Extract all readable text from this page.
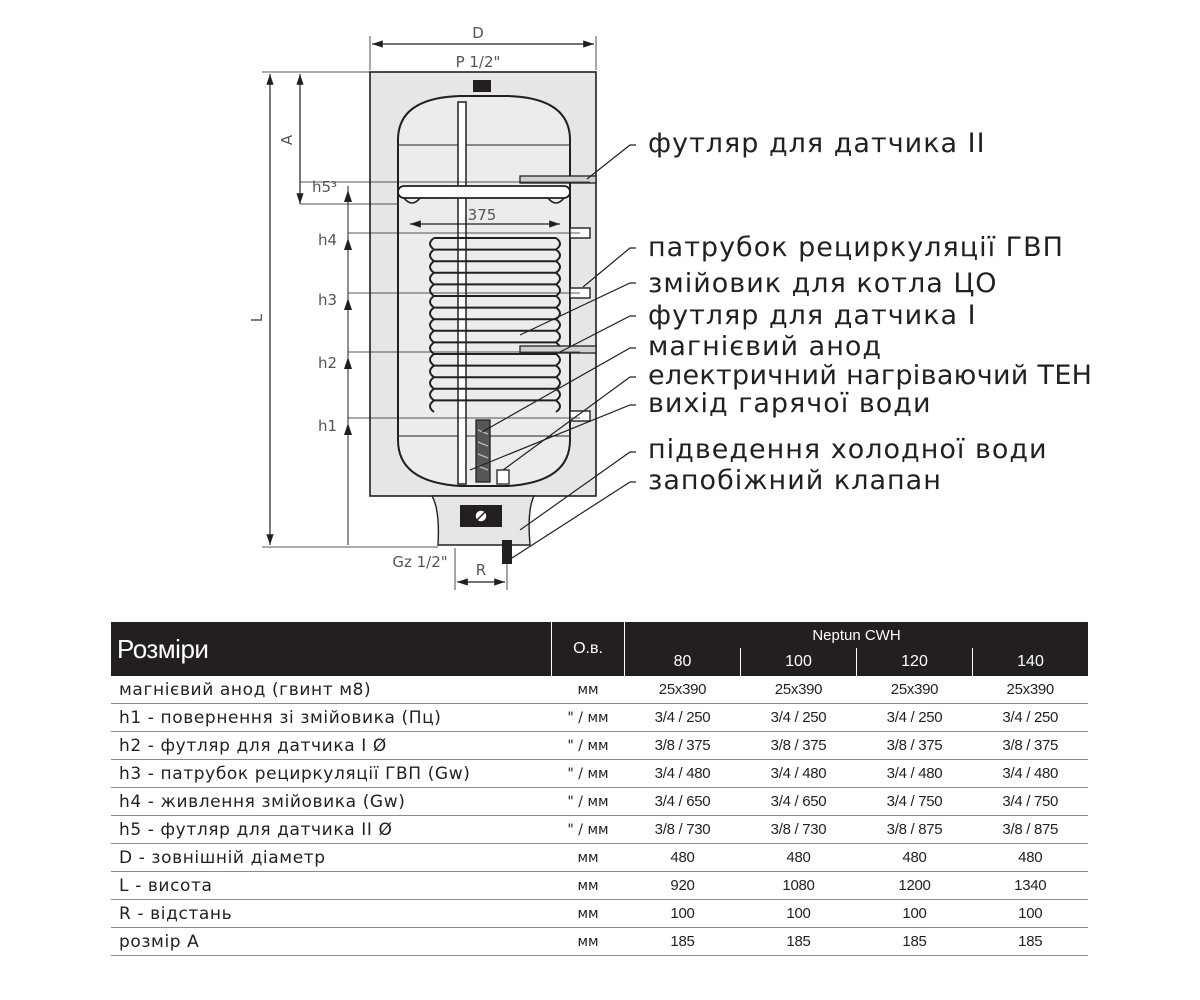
D
P 1/2"
L
A
h5³
h4
h3
h2
h1
375
Gz 1/2" R
футляр для датчика II
патрубок рециркуляції ГВП
змійовик для котла ЦО
футляр для датчика I
магнієвий анод
електричний нагріваючий ТЕН
вихід гарячої води
підведення холодної води
запобіжний клапан
Розміри	O.в.	Neptun CWH			
		80	100	120	140
магнієвий анод (гвинт м8)	мм	25x390	25x390	25x390	25x390
h1 - повернення зі змійовика (Пц)	" / мм	3/4 / 250	3/4 / 250	3/4 / 250	3/4 / 250
h2 - футляр для датчика I Ø	" / мм	3/8 / 375	3/8 / 375	3/8 / 375	3/8 / 375
h3 - патрубок рециркуляції ГВП (Gw)	" / мм	3/4 / 480	3/4 / 480	3/4 / 480	3/4 / 480
h4 - живлення змійовика (Gw)	" / мм	3/4 / 650	3/4 / 650	3/4 / 750	3/4 / 750
h5 - футляр для датчика II Ø	" / мм	3/8 / 730	3/8 / 730	3/8 / 875	3/8 / 875
D - зовнішній діаметр	мм	480	480	480	480
L - висота	мм	920	1080	1200	1340
R - відстань	мм	100	100	100	100
розмір A	мм	185	185	185	185
